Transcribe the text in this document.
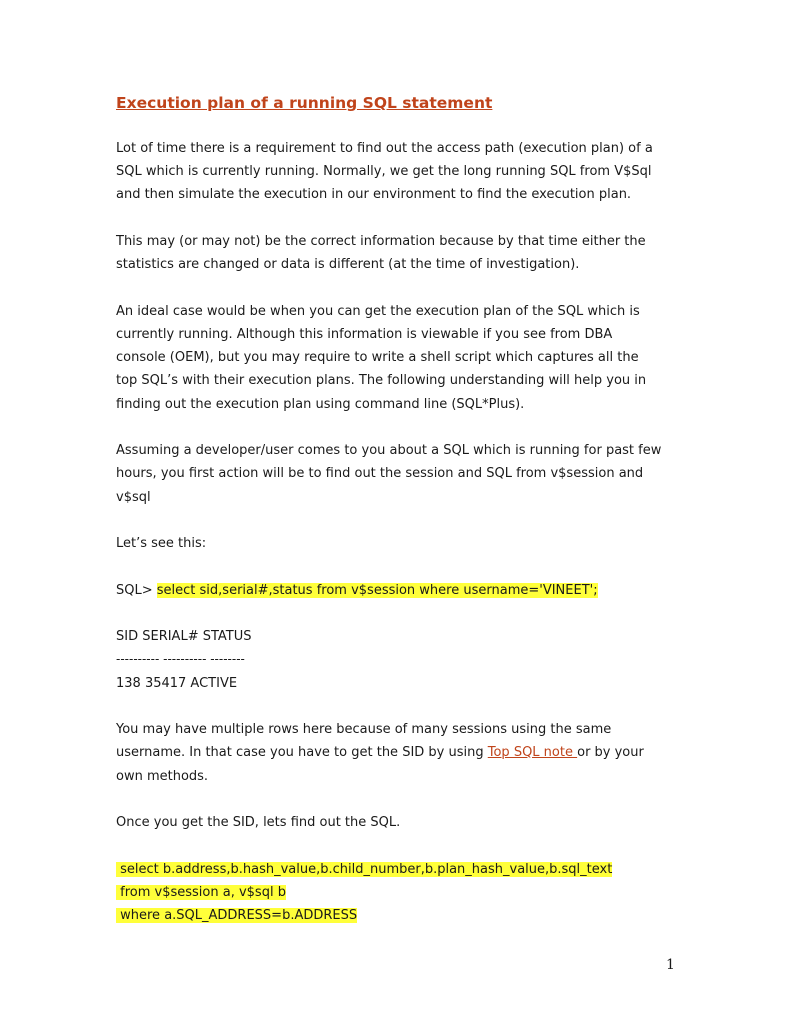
Execution plan of a running SQL statement
Lot of time there is a requirement to find out the access path (execution plan) of a
SQL which is currently running. Normally, we get the long running SQL from V$Sql
and then simulate the execution in our environment to find the execution plan.
This may (or may not) be the correct information because by that time either the
statistics are changed or data is different (at the time of investigation).
An ideal case would be when you can get the execution plan of the SQL which is
currently running. Although this information is viewable if you see from DBA
console (OEM), but you may require to write a shell script which captures all the
top SQL’s with their execution plans. The following understanding will help you in
finding out the execution plan using command line (SQL*Plus).
Assuming a developer/user comes to you about a SQL which is running for past few
hours, you first action will be to find out the session and SQL from v$session and
v$sql
Let’s see this:
SQL> select sid,serial#,status from v$session where username='VINEET';
SID SERIAL# STATUS
---------- ---------- --------
138 35417 ACTIVE
You may have multiple rows here because of many sessions using the same
username. In that case you have to get the SID by using Top SQL note or by your
own methods.
Once you get the SID, lets find out the SQL.
select b.address,b.hash_value,b.child_number,b.plan_hash_value,b.sql_text
from v$session a, v$sql b
where a.SQL_ADDRESS=b.ADDRESS
1
